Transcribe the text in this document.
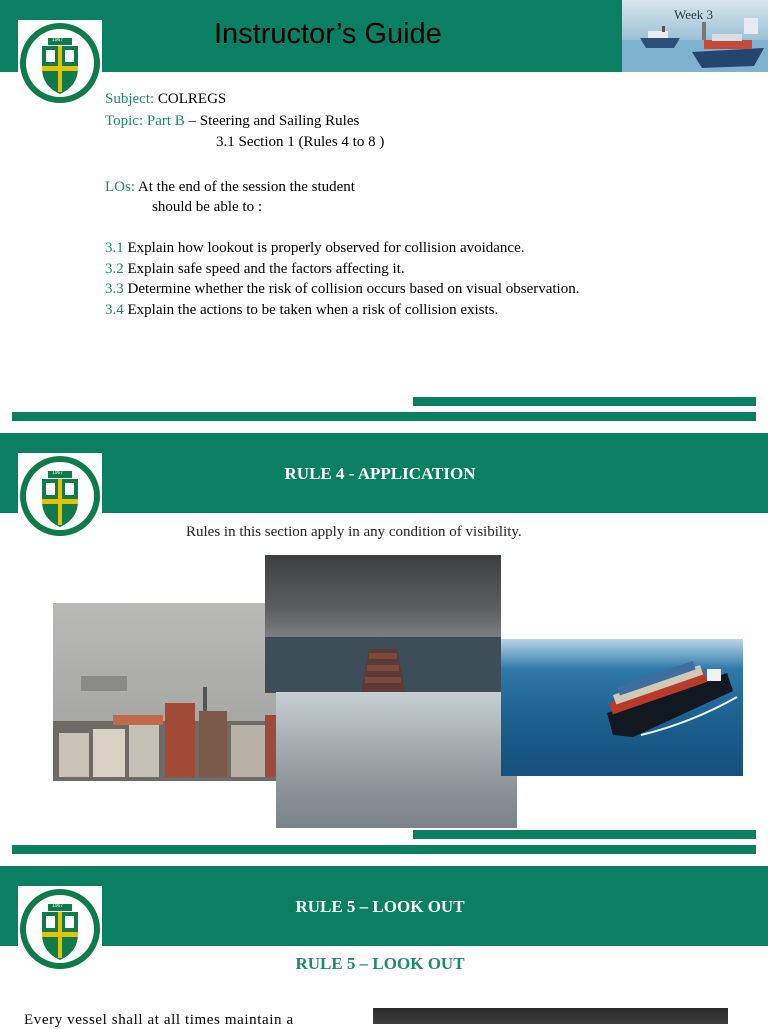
Instructor’s Guide
Week 3
1967
Subject: COLREGS
Topic: Part B – Steering and Sailing Rules
3.1 Section 1 (Rules 4 to 8 )
LOs: At the end of the session the student
should be able to :
3.1 Explain how lookout is properly observed for collision avoidance.
3.2 Explain safe speed and the factors affecting it.
3.3 Determine whether the risk of collision occurs based on visual observation.
3.4 Explain the actions to be taken when a risk of collision exists.
RULE 4 - APPLICATION
1967
Rules in this section apply in any condition of visibility.
RULE 5 – LOOK OUT
1967
RULE 5 – LOOK OUT
Every vessel shall at all times maintain a
